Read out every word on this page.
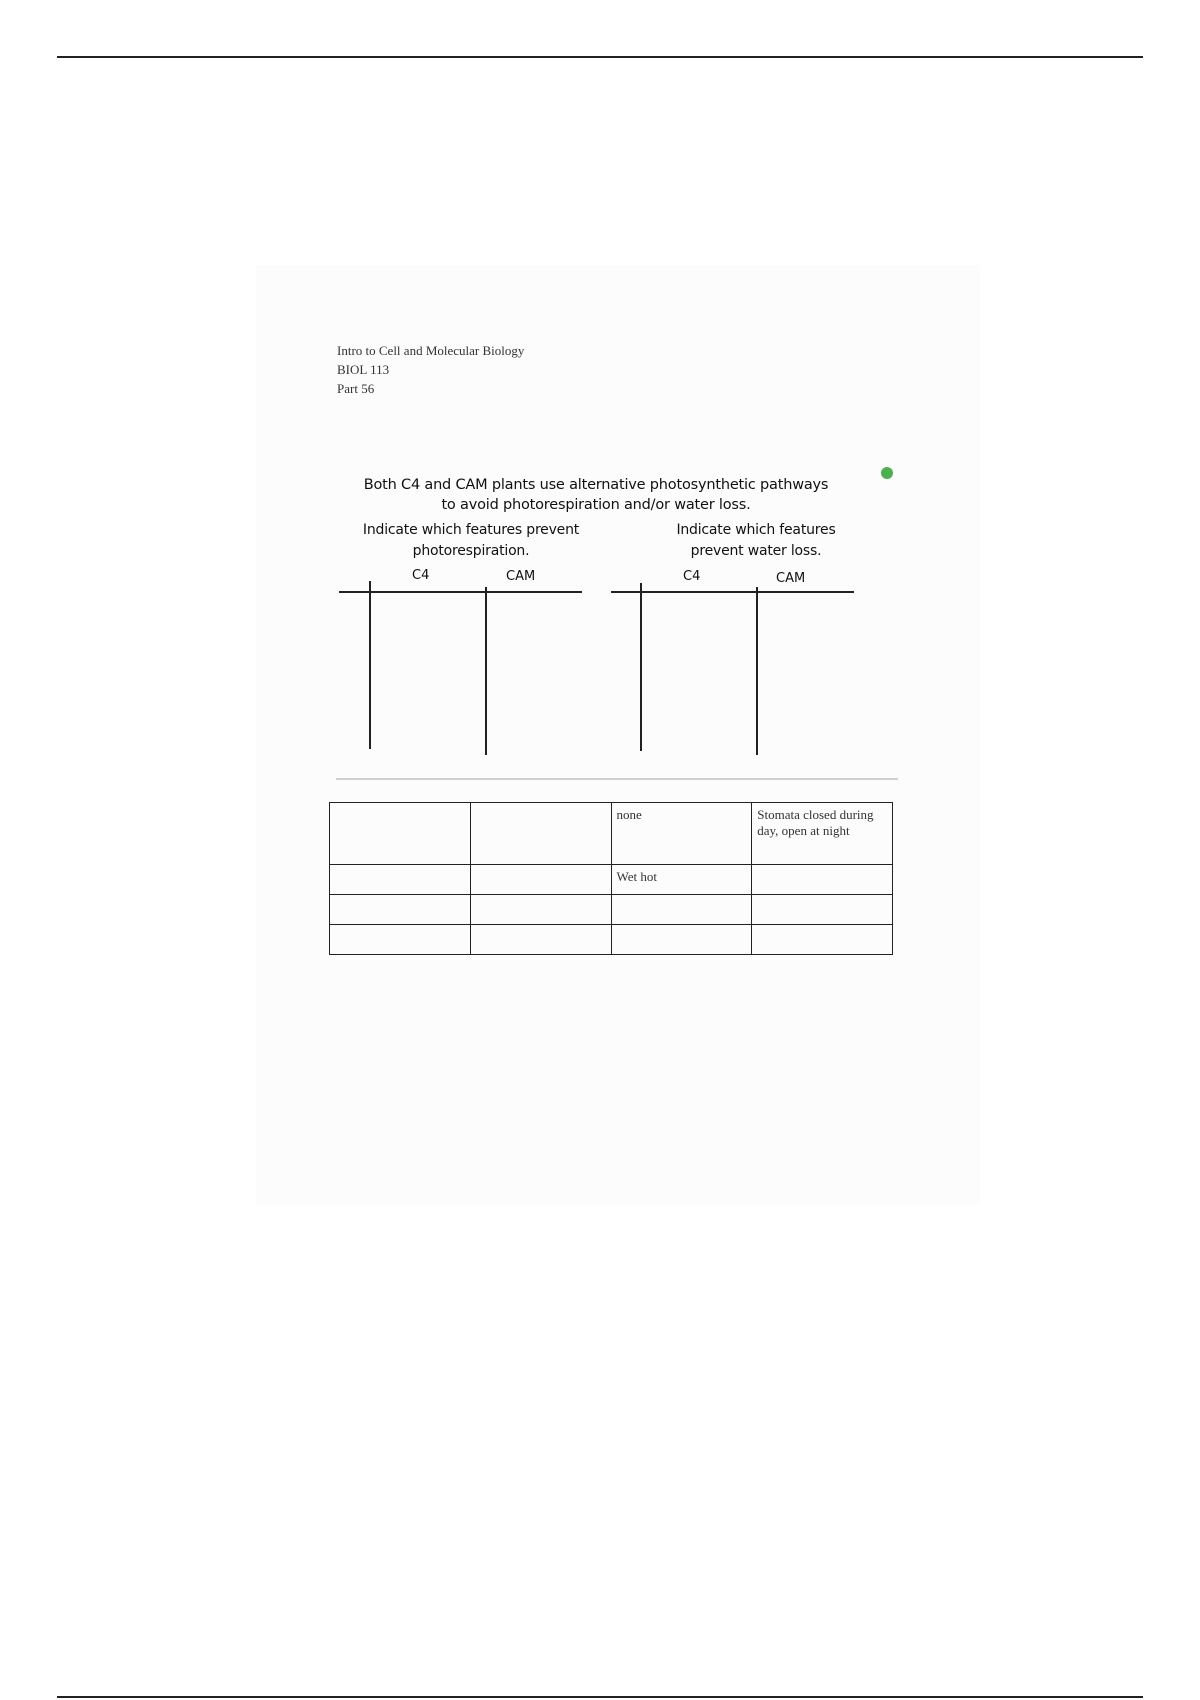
Intro to Cell and Molecular Biology
BIOL 113
Part 56
Both C4 and CAM plants use alternative photosynthetic pathways
to avoid photorespiration and/or water loss.
Indicate which features prevent
photorespiration.
Indicate which features
prevent water loss.
C4	CAM	C4	CAM
		none	Stomata closed during day, open at night
		Wet hot	
